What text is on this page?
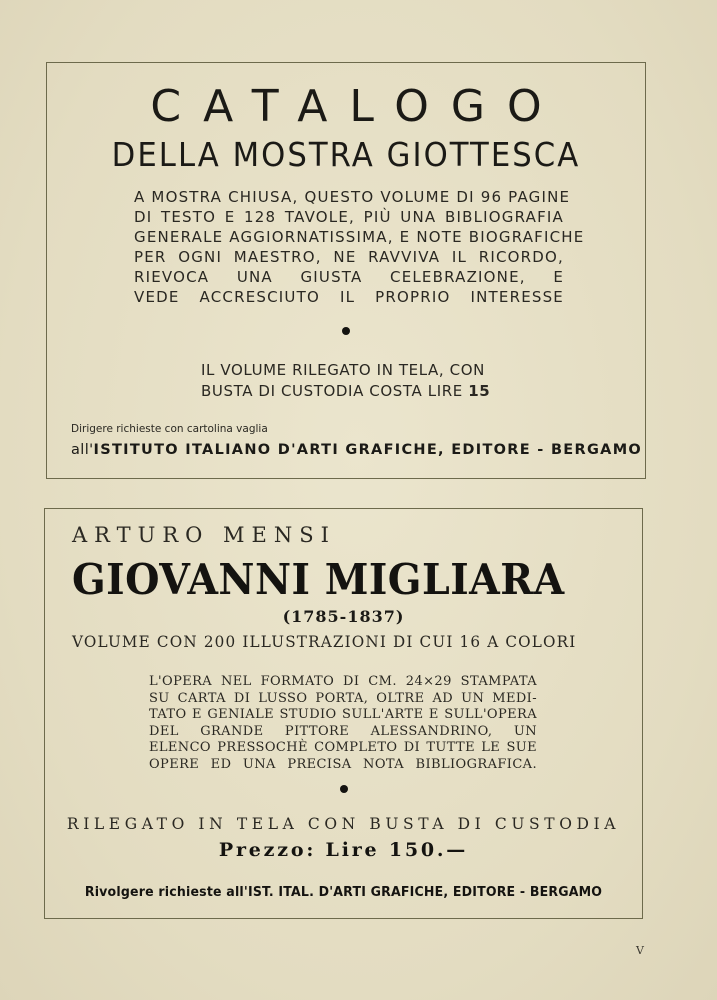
CATALOGO
DELLA MOSTRA GIOTTESCA
A MOSTRA CHIUSA, QUESTO VOLUME DI 96 PAGINE
DI TESTO E 128 TAVOLE, PIÙ UNA BIBLIOGRAFIA
GENERALE AGGIORNATISSIMA, E NOTE BIOGRAFICHE
PER OGNI MAESTRO, NE RAVVIVA IL RICORDO,
RIEVOCA UNA GIUSTA CELEBRAZIONE, E
VEDE ACCRESCIUTO IL PROPRIO INTERESSE
IL VOLUME RILEGATO IN TELA, CON
BUSTA DI CUSTODIA COSTA LIRE 15
Dirigere richieste con cartolina vaglia
all'ISTITUTO ITALIANO D'ARTI GRAFICHE, EDITORE - BERGAMO
ARTURO MENSI
GIOVANNI MIGLIARA
(1785-1837)
VOLUME CON 200 ILLUSTRAZIONI DI CUI 16 A COLORI
L'OPERA NEL FORMATO DI CM. 24×29 STAMPATA
SU CARTA DI LUSSO PORTA, OLTRE AD UN MEDI-
TATO E GENIALE STUDIO SULL'ARTE E SULL'OPERA
DEL GRANDE PITTORE ALESSANDRINO, UN
ELENCO PRESSOCHÈ COMPLETO DI TUTTE LE SUE
OPERE ED UNA PRECISA NOTA BIBLIOGRAFICA.
RILEGATO IN TELA CON BUSTA DI CUSTODIA
Prezzo: Lire 150.—
Rivolgere richieste all'IST. ITAL. D'ARTI GRAFICHE, EDITORE - BERGAMO
V
